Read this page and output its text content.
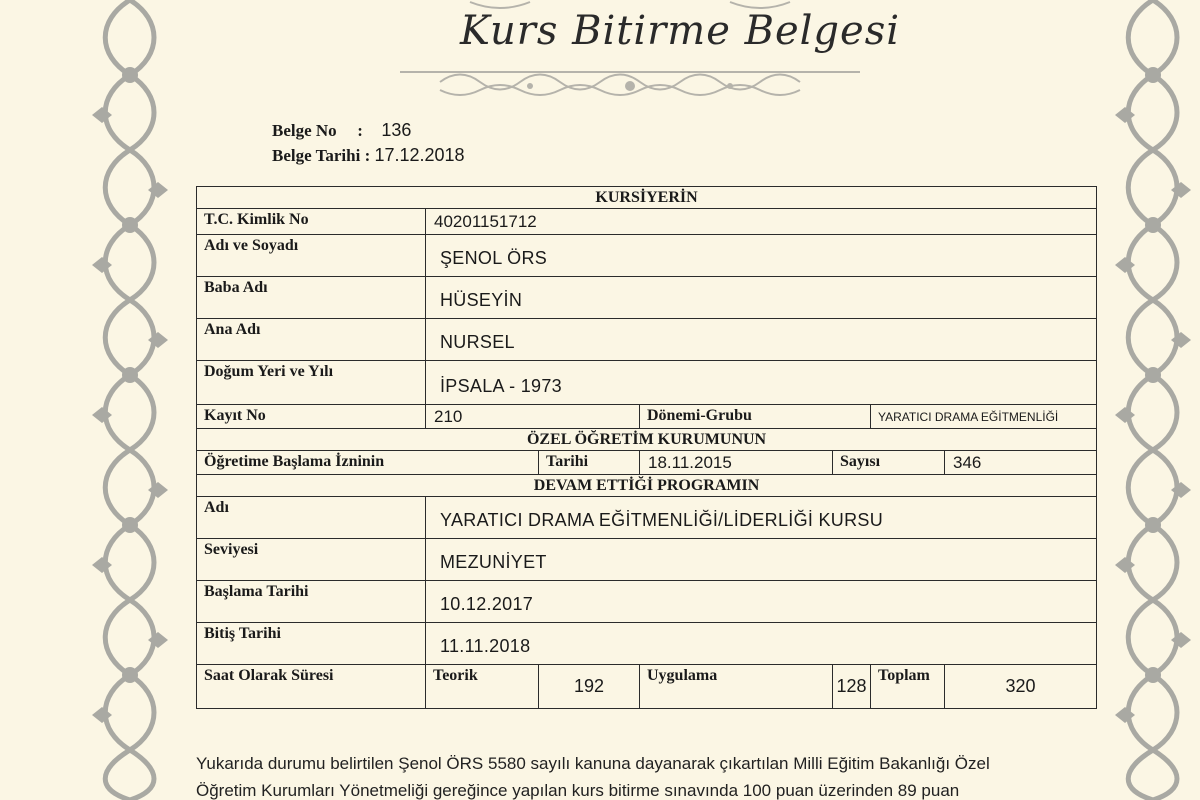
Kurs Bitirme Belgesi
Belge No : 136
Belge Tarihi : 17.12.2018
KURSİYERİN						
T.C. Kimlik No	40201151712					
Adı ve Soyadı	ŞENOL ÖRS					
Baba Adı	HÜSEYİN					
Ana Adı	NURSEL					
Doğum Yeri ve Yılı	İPSALA - 1973					
Kayıt No	210		Dönemi-Grubu		YARATICI DRAMA EĞİTMENLİĞİ	
ÖZEL ÖĞRETİM KURUMUNUN						
Öğretime Başlama İzninin		Tarihi	18.11.2015	Sayısı		346
DEVAM ETTİĞİ PROGRAMIN						
Adı	YARATICI DRAMA EĞİTMENLİĞİ/LİDERLİĞİ KURSU					
Seviyesi	MEZUNİYET					
Başlama Tarihi	10.12.2017					
Bitiş Tarihi	11.11.2018					
Saat Olarak Süresi	Teorik	192	Uygulama	128	Toplam	320

Yukarıda durumu belirtilen Şenol ÖRS 5580 sayılı kanuna dayanarak çıkartılan Milli Eğitim Bakanlığı Özel

Öğretim Kurumları Yönetmeliği gereğince yapılan kurs bitirme sınavında 100 puan üzerinden 89 puan
